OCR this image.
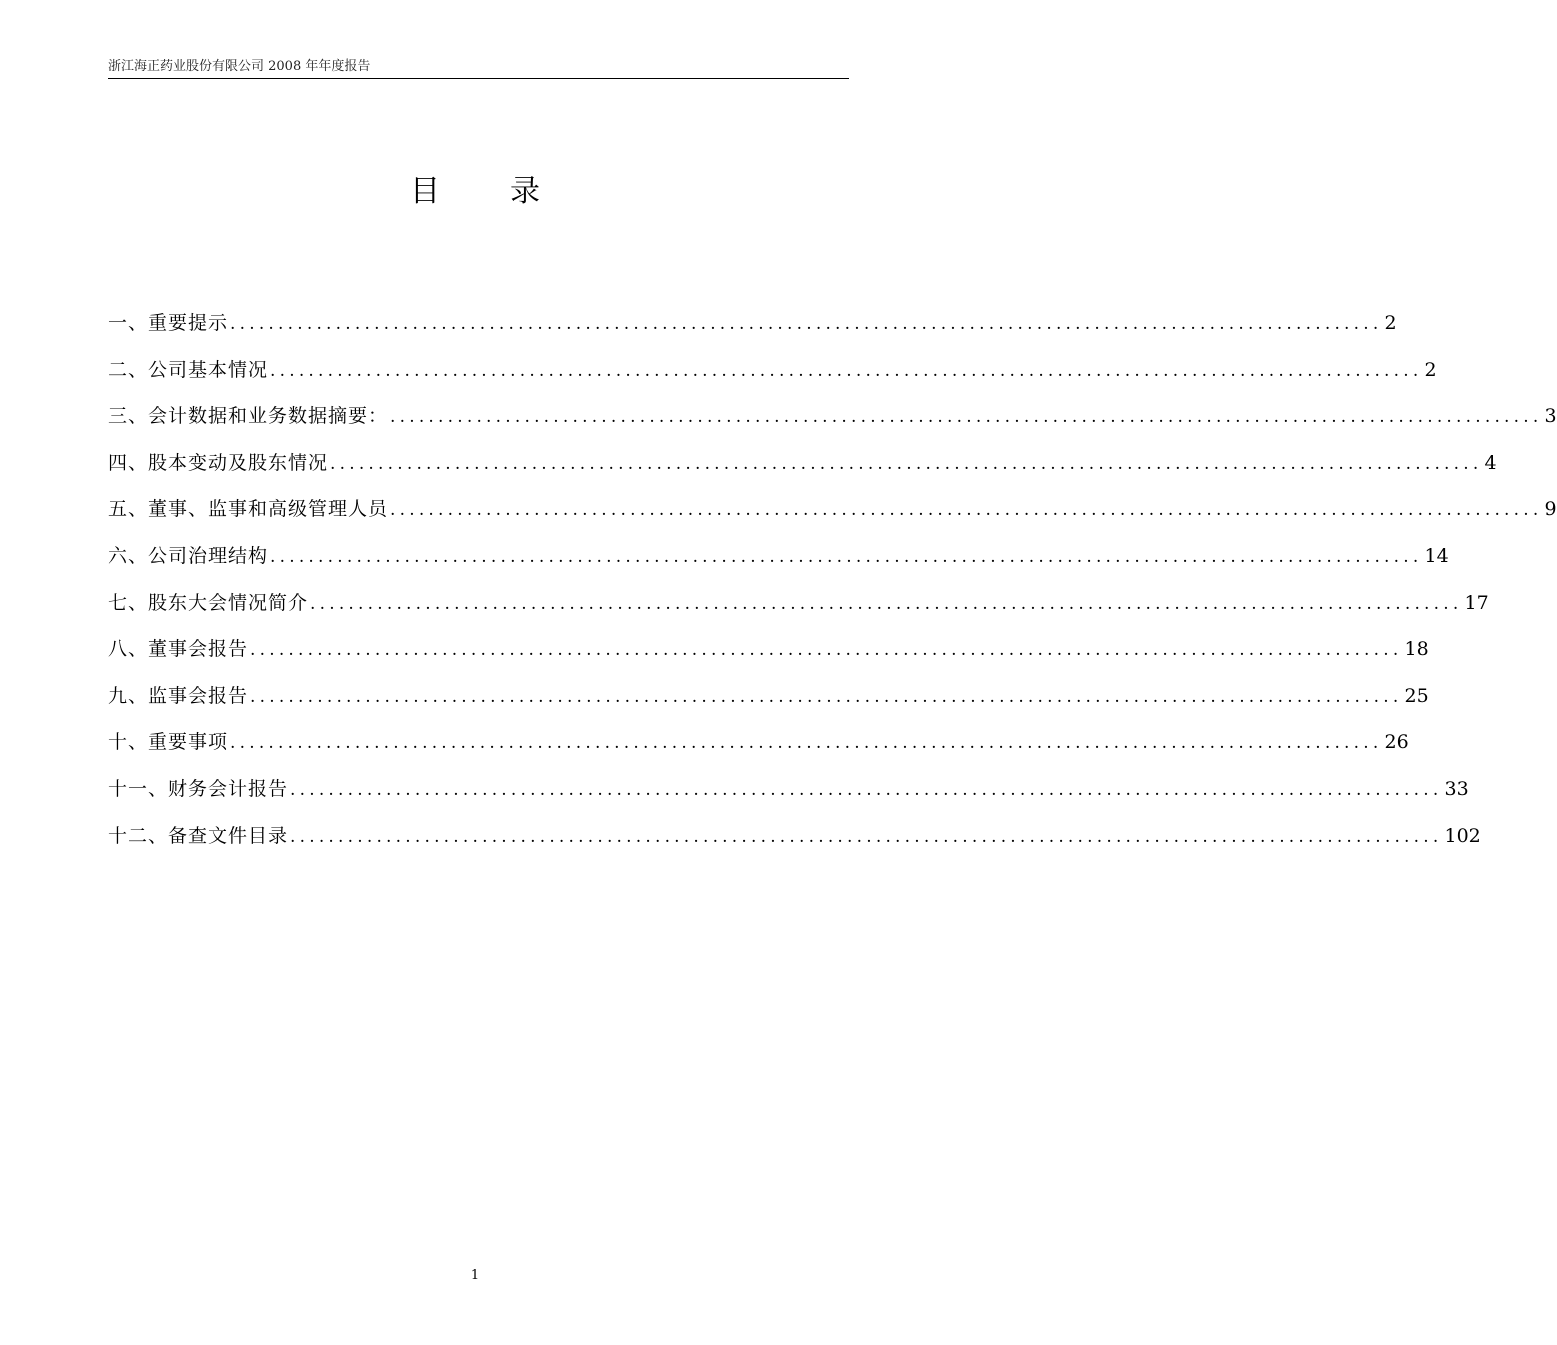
浙江海正药业股份有限公司 2008 年年度报告
目录
一、重要提示 ........................................................................................................................ 2
二、公司基本情况 ........................................................................................................................ 2
三、会计数据和业务数据摘要： ........................................................................................................................ 3
四、股本变动及股东情况 ........................................................................................................................ 4
五、董事、监事和高级管理人员 ........................................................................................................................ 9
六、公司治理结构 ........................................................................................................................ 14
七、股东大会情况简介 ........................................................................................................................ 17
八、董事会报告 ........................................................................................................................ 18
九、监事会报告 ........................................................................................................................ 25
十、重要事项 ........................................................................................................................ 26
十一、财务会计报告 ........................................................................................................................ 33
十二、备查文件目录 ........................................................................................................................ 102
1
